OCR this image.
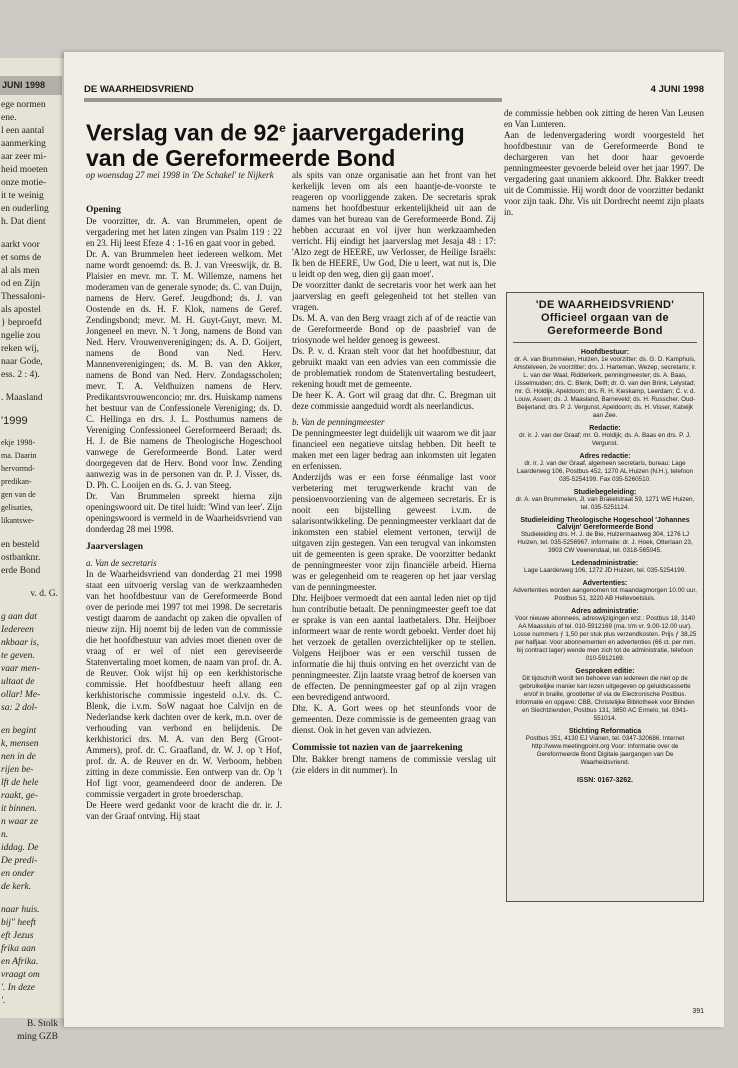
JUNI 1998
ege normen
ene.
l een aantal
aanmerking
aar zeer mi-
heid moeten
onze motie-
it te weinig
en ouderling
h. Dat dient
aarkt voor
et soms de
al als men
od en Zijn
Thessaloni-
als apostel
} beproefd
ngelie zou
reken wij,
naar Gode,
ess. 2 : 4).
. Maasland
'1999
ekje 1998-
ma. Daarin
hervormd-
predikan-
gen van de
gelisaties,
likantswe-
en besteld
ostbanknr.
erde Bond
v. d. G.
g aan dat
Iedereen
nkbaar is,
te geven.
vaar men-
ultaat de
ollar! Me-
sa: 2 dol-
en begint
k, mensen
nen in de
rijen be-
lft de hele
raakt, ge-
it binnen.
n waar ze
n.
iddag. De
De predi-
en onder
de kerk.
naar huis.
bij" heeft
eft Jezus
frika aan
en Afrika.
vraagt om
'. In deze
'.
B. Stolk
ming GZB
DE WAARHEIDSVRIEND	4 JUNI 1998
Verslag van de 92e jaarvergadering
van de Gereformeerde Bond
op woensdag 27 mei 1998 in 'De Schakel' te Nijkerk
Opening

De voorzitter, dr. A. van Brummelen, opent de vergadering met het laten zingen van Psalm 119 : 22 en 23. Hij leest Efeze 4 : 1-16 en gaat voor in gebed.

Dr. A. van Brummelen heet iedereen welkom. Met name wordt genoemd: ds. B. J. van Vreeswijk, dr. B. Plaisier en mevr. mr. T. M. Willemze, namens het moderamen van de generale synode; ds. C. van Duijn, namens de Herv. Geref. Jeugdbond; ds. J. van Oostende en ds. H. F. Klok, namens de Geref. Zendingsbond; mevr. M. H. Guyt-Guyt, mevr. M. Jongeneel en mevr. N. 't Jong, namens de Bond van Ned. Herv. Vrouwenverenigingen; ds. A. D. Goijert, namens de Bond van Ned. Herv. Mannenverenigingen; ds. M. B. van den Akker, namens de Bond van Ned. Herv. Zondagsscholen; mevr. T. A. Veldhuizen namens de Herv. Predikantsvrouwenconcio; mr. drs. Huiskamp namens het bestuur van de Confessionele Vereniging; ds. D. C. Hellinga en drs. J. L. Posthumus namens de Vereniging Confessioneel Gereformeerd Beraad; ds. H. J. de Bie namens de Theologische Hogeschool vanwege de Gereformeerde Bond. Later werd doorgegeven dat de Herv. Bond voor Inw. Zending aanwezig was in de personen van dr. P. J. Visser, ds. D. Ph. C. Looijen en ds. G. J. van Steeg.

Dr. Van Brummelen spreekt hierna zijn openingswoord uit. De titel luidt: 'Wind van leer'. Zijn openingswoord is vermeld in de Waarheidsvriend van donderdag 28 mei 1998.

Jaarverslagen
a. Van de secretaris

In de Waarheidsvriend van donderdag 21 mei 1998 staat een uitvoerig verslag van de werkzaamheden van het hoofdbestuur van de Gereformeerde Bond over de periode mei 1997 tot mei 1998. De secretaris vestigt daarom de aandacht op zaken die opvallen of nieuw zijn. Hij noemt bij de leden van de commissie die het hoofdbestuur van advies moet dienen over de vraag of er wel of niet een gereviseerde Statenvertaling moet komen, de naam van prof. dr. A. de Reuver. Ook wijst hij op een kerkhistorische commissie. Het hoofdbestuur heeft allang een kerkhistorische commissie ingesteld o.l.v. ds. C. Blenk, die i.v.m. SoW nagaat hoe Calvijn en de Nederlandse kerk dachten over de kerk, m.n. over de verhouding van verbond en belijdenis. De kerkhistorici drs. M. A. van den Berg (Groot-Ammers), prof. dr. C. Graafland, dr. W. J. op 't Hof, prof. dr. A. de Reuver en dr. W. Verboom, hebben zitting in deze commissie. Een ontwerp van dr. Op 't Hof ligt voor, geamendeerd door de anderen. De commissie vergadert in grote broederschap.

De Heere werd gedankt voor de kracht die dr. ir. J. van der Graaf ontving. Hij staat

als spits van onze organisatie aan het front van het kerkelijk leven om als een haantje-de-voorste te reageren op voorliggende zaken. De secretaris sprak namens het hoofdbestuur erkentelijkheid uit aan de dames van het bureau van de Gereformeerde Bond. Zij hebben accuraat en vol ijver hun werkzaamheden verricht. Hij eindigt het jaarverslag met Jesaja 48 : 17: 'Alzo zegt de HEERE, uw Verlosser, de Heilige Israëls: Ik ben de HEERE, Uw God, Die u leert, wat nut is, Die u leidt op den weg, dien gij gaan moet'.

De voorzitter dankt de secretaris voor het werk aan het jaarverslag en geeft gelegenheid tot het stellen van vragen.

Ds. M. A. van den Berg vraagt zich af of de reactie van de Gereformeerde Bond op de paasbrief van de triosynode wel helder genoeg is geweest.

Ds. P. v. d. Kraan stelt voor dat het hoofdbestuur, dat gebruikt maakt van een advies van een commissie die de problematiek rondom de Statenvertaling bestudeert, rekening houdt met de gemeente.

De heer K. A. Gort wil graag dat dhr. C. Bregman uit deze commissie aangeduid wordt als neerlandicus.

b. Van de penningmeester

De penningmeester legt duidelijk uit waarom we dit jaar financieel een negatieve uitslag hebben. Dit heeft te maken met een lager bedrag aan inkomsten uit legaten en erfenissen.

Anderzijds was er een forse éénmalige last voor verbetering met terugwerkende kracht van de pensioenvoorziening van de algemeen secretaris. Er is nooit een bijstelling geweest i.v.m. de salarisontwikkeling. De penningmeester verklaart dat de inkomsten een stabiel element vertonen, terwijl de uitgaven zijn gestegen. Van een terugval van inkomsten uit de gemeenten is geen sprake. De voorzitter bedankt de penningmeester voor zijn financiële arbeid. Hierna was er gelegenheid om te reageren op het jaar verslag van de penningmeester.

Dhr. Heijboer vermoedt dat een aantal leden niet op tijd hun contributie betaalt. De penningmeester geeft toe dat er sprake is van een aantal laatbetalers. Dhr. Heijboer informeert waar de rente wordt geboekt. Verder doet hij het verzoek de getallen overzichtelijker op te stellen. Volgens Heijboer was er een verschil tussen de informatie die hij thuis ontving en het overzicht van de penningmeester. Zijn laatste vraag betrof de koersen van de effecten. De penningmeester gaf op al zijn vragen een bevredigend antwoord.

Dhr. K. A. Gort wees op het steunfonds voor de gemeenten. Deze commissie is de gemeenten graag van dienst. Ook in het geven van adviezen.

Commissie tot nazien van de jaarrekening

Dhr. Bakker brengt namens de commissie verslag uit (zie elders in dit nummer). In

de commissie hebben ook zitting de heren Van Leusen en Van Lunteren.

Aan de ledenvergadering wordt voorgesteld het hoofdbestuur van de Gereformeerde Bond te dechargeren van het door haar gevoerde penningmeester gevoerde beleid over het jaar 1997. De vergadering gaat unaniem akkoord. Dhr. Bakker treedt uit de Commissie. Hij wordt door de voorzitter bedankt voor zijn taak. Dhr. Vis uit Dordrecht neemt zijn plaats in.

'DE WAARHEIDSVRIEND'
Officieel orgaan van de
Gereformeerde Bond
Hoofdbestuur:

dr. A. van Brummelen, Huizen, 1e voorzitter; ds. G. D. Kamphuis, Amstelveen, 2e voorzitter; drs. J. Harteman, Wezep, secretaris; ir. L. van der Waal, Ridderkerk, penningmeester; ds. A. Baas, IJsselmuiden; drs. C. Blenk, Delft; dr. G. van den Brink, Lelystad; mr. G. Holdijk, Apeldoorn; drs. R. H. Kieskamp, Leerdam; C. v. d. Louw, Assen; ds. J. Maasland, Barneveld; ds. H. Russcher, Oud-Beijerland; drs. P. J. Vergunst, Apeldoorn; ds. H. Visser, Katwijk aan Zee.

Redactie:

dr. ir. J. van der Graaf; mr. G. Holdijk; ds. A. Baas en drs. P. J. Vergunst.

Adres redactie:

dr. ir. J. van der Graaf, algemeen secretaris, bureau: Lage Laarderweg 106, Postbus 452, 1270 AL Huizen (N.H.), telefoon 035-5254199. Fax 035-5260510.

Studiebegeleiding:

dr. A. van Brummelen, Jl. van Brakelstraat 59, 1271 WE Huizen, tel. 035-5251124.

Studieleiding Theologische Hogeschool 'Johannes Calvijn' Gereformeerde Bond

Studieleiding drs. H. J. de Bie, Hulzermaatweg 304, 1276 LJ Huizen, tel. 035-5256967. Informatie: dr. J. Hoek, Otterlaan 23, 3903 CW Veenendaal, tel. 0318-565045.

Ledenadministratie:

Lage Laarderweg 106, 1272 JD Huizen, tel. 035-5254199.

Advertenties:

Advertenties worden aangenomen tot maandagmorgen 10.00 uur, Postbus 51, 3220 AB Hellevoetsluis.

Adres administratie:

Voor nieuwe abonnees, adreswijzigingen enz.: Postbus 18, 3140 AA Maassluis of tel. 010-5912169 (ma. t/m vr. 9.00-12.00 uur). Losse nummers ƒ 1,50 per stuk plus verzendkosten. Prijs ƒ 38,25 per halfjaar. Voor abonnementen en advertenties (66 ct. per mm, bij contract lager) wende men zich tot de administratie, telefoon 010-5912169.

Gesproken editie:

Dit tijdschrift wordt ten behoeve van iedereen die niet op de gebruikelijke manier kan lezen uitgegeven op geluidscassette en/of in braille, grootletter of via de Electronische Postbus. Informatie en opgave: CBB, Christelijke Bibliotheek voor Blinden en Slechtzienden, Postbus 131, 3850 AC Ermelo, tel. 0341-551014.

Stichting Reformatica

Postbus 351, 4130 EJ Vianen, tel. 0347-320686. Internet http://www.meetingpoint.org Voor: Informatie over de Gereformeerde Bond Digitale jaargangen van De Waarheidsvriend.

ISSN: 0167-3262.
391
